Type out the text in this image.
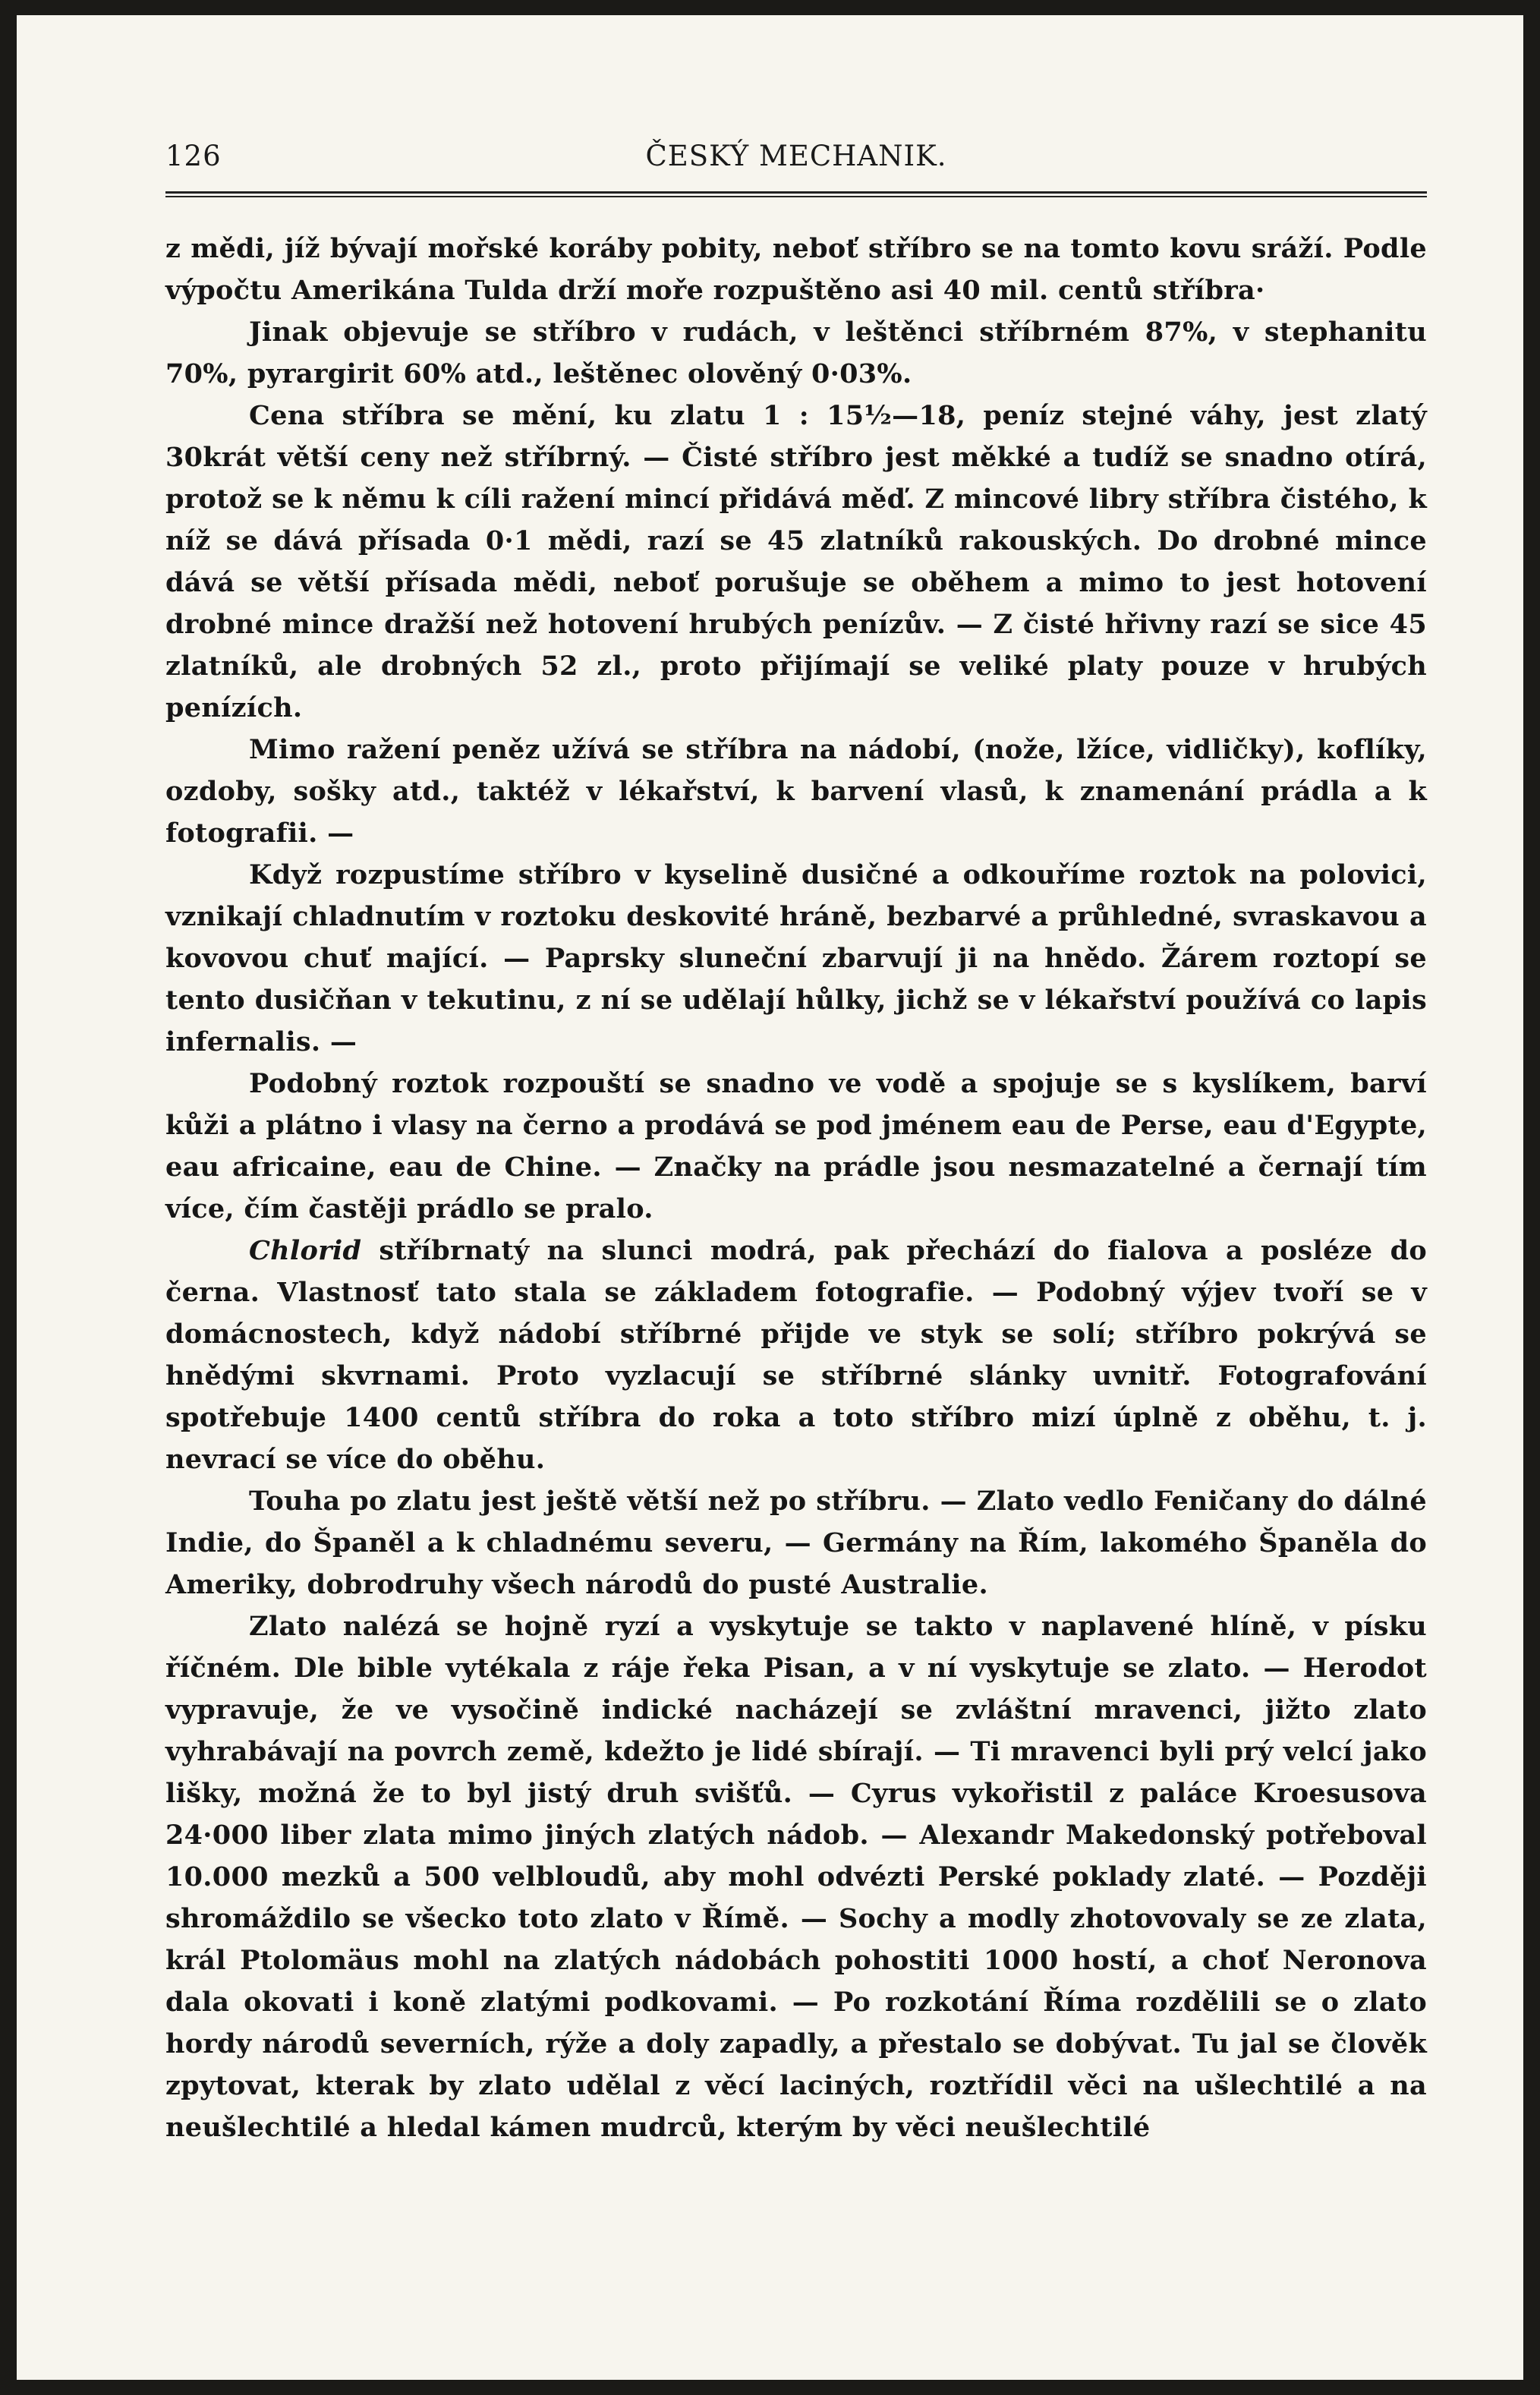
126	ČESKÝ MECHANIK.

z mědi, jíž bývají mořské koráby pobity, neboť stříbro se na tomto kovu sráží. Podle výpočtu Amerikána Tulda drží moře rozpuštěno asi 40 mil. centů stříbra·

Jinak objevuje se stříbro v rudách, v leštěnci stříbrném 87%, v stephanitu 70%, pyrargirit 60% atd., leštěnec olověný 0·03%.

Cena stříbra se mění, ku zlatu 1 : 15½—18, peníz stejné váhy, jest zlatý 30krát větší ceny než stříbrný. — Čisté stříbro jest měkké a tudíž se snadno otírá, protož se k němu k cíli ražení mincí přidává měď. Z mincové libry stříbra čistého, k níž se dává přísada 0·1 mědi, razí se 45 zlatníků rakouských. Do drobné mince dává se větší přísada mědi, neboť porušuje se oběhem a mimo to jest hotovení drobné mince dražší než hotovení hrubých penízův. — Z čisté hřivny razí se sice 45 zlatníků, ale drobných 52 zl., proto přijímají se veliké platy pouze v hrubých penízích.

Mimo ražení peněz užívá se stříbra na nádobí, (nože, lžíce, vidličky), koflíky, ozdoby, sošky atd., taktéž v lékařství, k barvení vlasů, k znamenání prádla a k fotografii. —

Když rozpustíme stříbro v kyselině dusičné a odkouříme roztok na polovici, vznikají chladnutím v roztoku deskovité hráně, bezbarvé a průhledné, svraskavou a kovovou chuť mající. — Paprsky sluneční zbarvují ji na hnědo. Žárem roztopí se tento dusičňan v tekutinu, z ní se udělají hůlky, jichž se v lékařství používá co lapis infernalis. —

Podobný roztok rozpouští se snadno ve vodě a spojuje se s kyslíkem, barví kůži a plátno i vlasy na černo a prodává se pod jménem eau de Perse, eau d'Egypte, eau africaine, eau de Chine. — Značky na prádle jsou nesmazatelné a černají tím více, čím častěji prádlo se pralo.

Chlorid stříbrnatý na slunci modrá, pak přechází do fialova a posléze do černa. Vlastnosť tato stala se základem fotografie. — Podobný výjev tvoří se v domácnostech, když nádobí stříbrné přijde ve styk se solí; stříbro pokrývá se hnědými skvrnami. Proto vyzlacují se stříbrné slánky uvnitř. Fotografování spotřebuje 1400 centů stříbra do roka a toto stříbro mizí úplně z oběhu, t. j. nevrací se více do oběhu.

Touha po zlatu jest ještě větší než po stříbru. — Zlato vedlo Feničany do dálné Indie, do Španěl a k chladnému severu, — Germány na Řím, lakomého Španěla do Ameriky, dobrodruhy všech národů do pusté Australie.

Zlato nalézá se hojně ryzí a vyskytuje se takto v naplavené hlíně, v písku říčném. Dle bible vytékala z ráje řeka Pisan, a v ní vyskytuje se zlato. — Herodot vypravuje, že ve vysočině indické nacházejí se zvláštní mravenci, jižto zlato vyhrabávají na povrch země, kdežto je lidé sbírají. — Ti mravenci byli prý velcí jako lišky, možná že to byl jistý druh svišťů. — Cyrus vykořistil z paláce Kroesusova 24·000 liber zlata mimo jiných zlatých nádob. — Alexandr Makedonský potřeboval 10.000 mezků a 500 velbloudů, aby mohl odvézti Perské poklady zlaté. — Později shromáždilo se všecko toto zlato v Římě. — Sochy a modly zhotovovaly se ze zlata, král Ptolomäus mohl na zlatých nádobách pohostiti 1000 hostí, a choť Neronova dala okovati i koně zlatými podkovami. — Po rozkotání Říma rozdělili se o zlato hordy národů severních, rýže a doly zapadly, a přestalo se dobývat. Tu jal se člověk zpytovat, kterak by zlato udělal z věcí laciných, roztřídil věci na ušlechtilé a na neušlechtilé a hledal kámen mudrců, kterým by věci neušlechtilé
